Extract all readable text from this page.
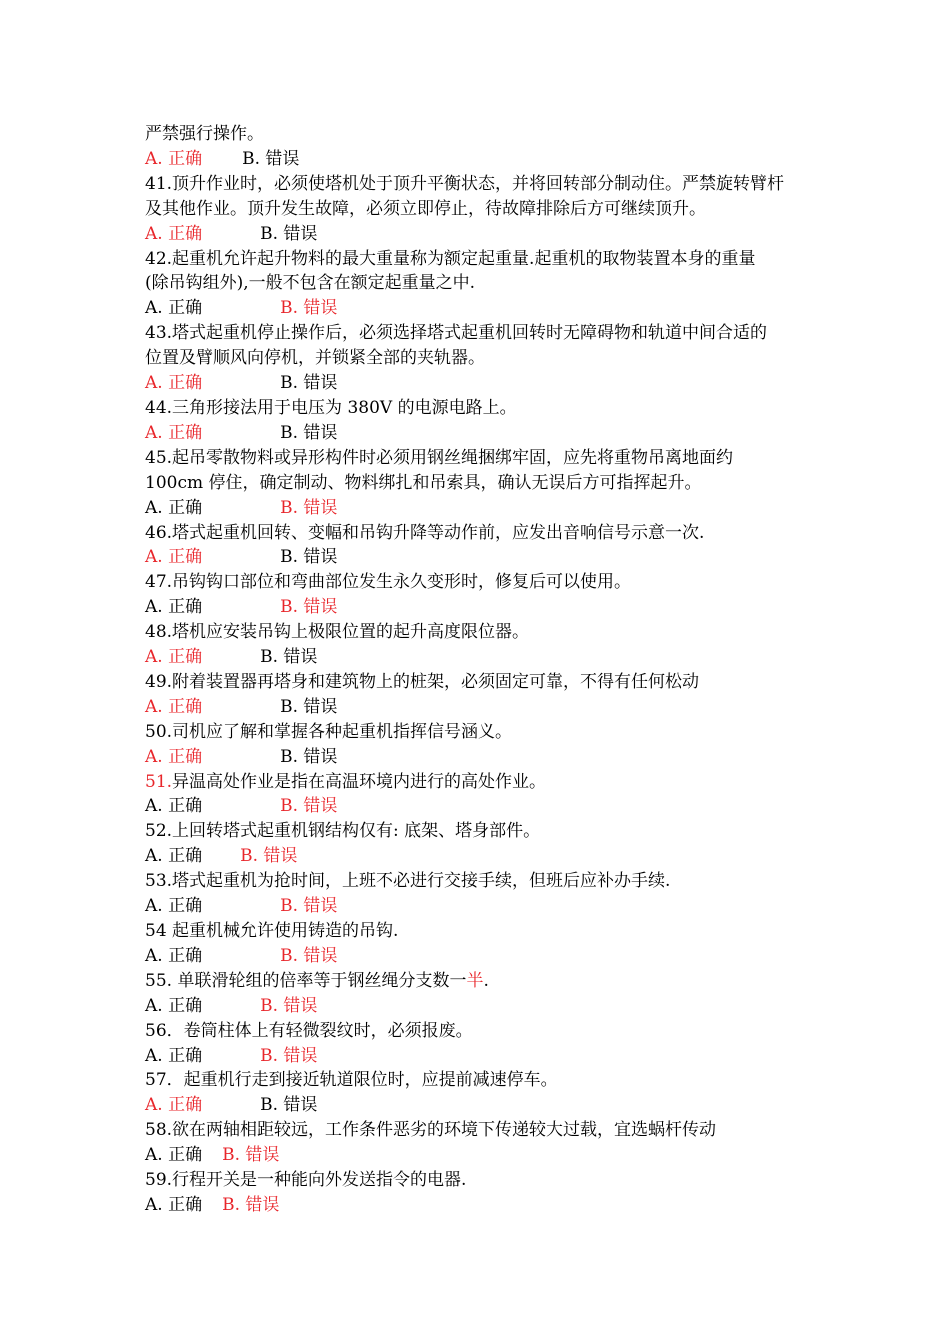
严禁强行操作。
A. 正确 B. 错误
41.顶升作业时，必须使塔机处于顶升平衡状态，并将回转部分制动住。严禁旋转臂杆
及其他作业。顶升发生故障，必须立即停止，待故障排除后方可继续顶升。
A. 正确	B. 错误
42.起重机允许起升物料的最大重量称为额定起重量.起重机的取物装置本身的重量
(除吊钩组外),一般不包含在额定起重量之中.
A. 正确	B. 错误
43.塔式起重机停止操作后，必须选择塔式起重机回转时无障碍物和轨道中间合适的
位置及臂顺风向停机，并锁紧全部的夹轨器。
A. 正确	B. 错误
44.三角形接法用于电压为 380V 的电源电路上。
A. 正确	B. 错误
45.起吊零散物料或异形构件时必须用钢丝绳捆绑牢固，应先将重物吊离地面约
100cm 停住，确定制动、物料绑扎和吊索具，确认无误后方可指挥起升。
A. 正确	B. 错误
46.塔式起重机回转、变幅和吊钩升降等动作前，应发出音响信号示意一次.
A. 正确	B. 错误
47.吊钩钩口部位和弯曲部位发生永久变形时，修复后可以使用。
A. 正确	B. 错误
48.塔机应安装吊钩上极限位置的起升高度限位器。
A. 正确	B. 错误
49.附着装置器再塔身和建筑物上的桩架，必须固定可靠，不得有任何松动
A. 正确	B. 错误
50.司机应了解和掌握各种起重机指挥信号涵义。
A. 正确	B. 错误
51.异温高处作业是指在高温环境内进行的高处作业。
A. 正确	B. 错误
52.上回转塔式起重机钢结构仅有: 底架、塔身部件。
A. 正确 B. 错误
53.塔式起重机为抢时间，上班不必进行交接手续，但班后应补办手续.
A. 正确	B. 错误
54 起重机械允许使用铸造的吊钩.
A. 正确	B. 错误
55. 单联滑轮组的倍率等于钢丝绳分支数一半.
A. 正确	B. 错误
56．卷筒柱体上有轻微裂纹时，必须报废。
A. 正确	B. 错误
57．起重机行走到接近轨道限位时，应提前减速停车。
A. 正确	B. 错误
58.欲在两轴相距较远，工作条件恶劣的环境下传递较大过载，宜选蜗杆传动
A. 正确 B. 错误
59.行程开关是一种能向外发送指令的电器.
A. 正确 B. 错误
